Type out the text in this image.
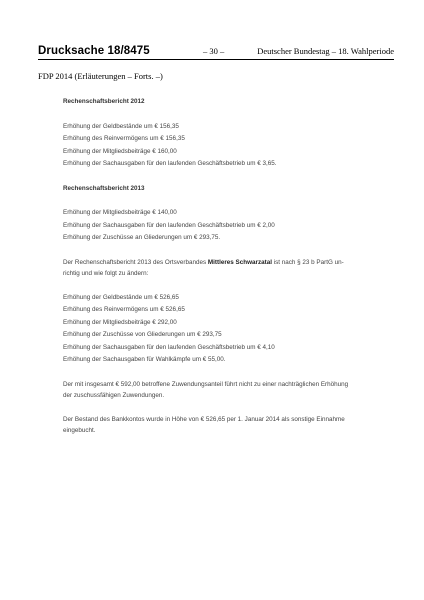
Drucksache 18/8475	– 30 –	Deutscher Bundestag – 18. Wahlperiode
FDP 2014 (Erläuterungen – Forts. –)
Rechenschaftsbericht 2012
Erhöhung der Geldbestände um € 156,35
Erhöhung des Reinvermögens um € 156,35
Erhöhung der Mitgliedsbeiträge € 160,00
Erhöhung der Sachausgaben für den laufenden Geschäftsbetrieb um € 3,65.
Rechenschaftsbericht 2013
Erhöhung der Mitgliedsbeiträge € 140,00
Erhöhung der Sachausgaben für den laufenden Geschäftsbetrieb um € 2,00
Erhöhung der Zuschüsse an Gliederungen um € 293,75.
Der Rechenschaftsbericht 2013 des Ortsverbandes Mittleres Schwarzatal ist nach § 23 b PartG un-
richtig und wie folgt zu ändern:
Erhöhung der Geldbestände um € 526,65
Erhöhung des Reinvermögens um € 526,65
Erhöhung der Mitgliedsbeiträge € 292,00
Erhöhung der Zuschüsse von Gliederungen um € 293,75
Erhöhung der Sachausgaben für den laufenden Geschäftsbetrieb um € 4,10
Erhöhung der Sachausgaben für Wahlkämpfe um € 55,00.
Der mit insgesamt € 592,00 betroffene Zuwendungsanteil führt nicht zu einer nachträglichen Erhöhung
der zuschussfähigen Zuwendungen.
Der Bestand des Bankkontos wurde in Höhe von € 526,65 per 1. Januar 2014 als sonstige Einnahme
eingebucht.
